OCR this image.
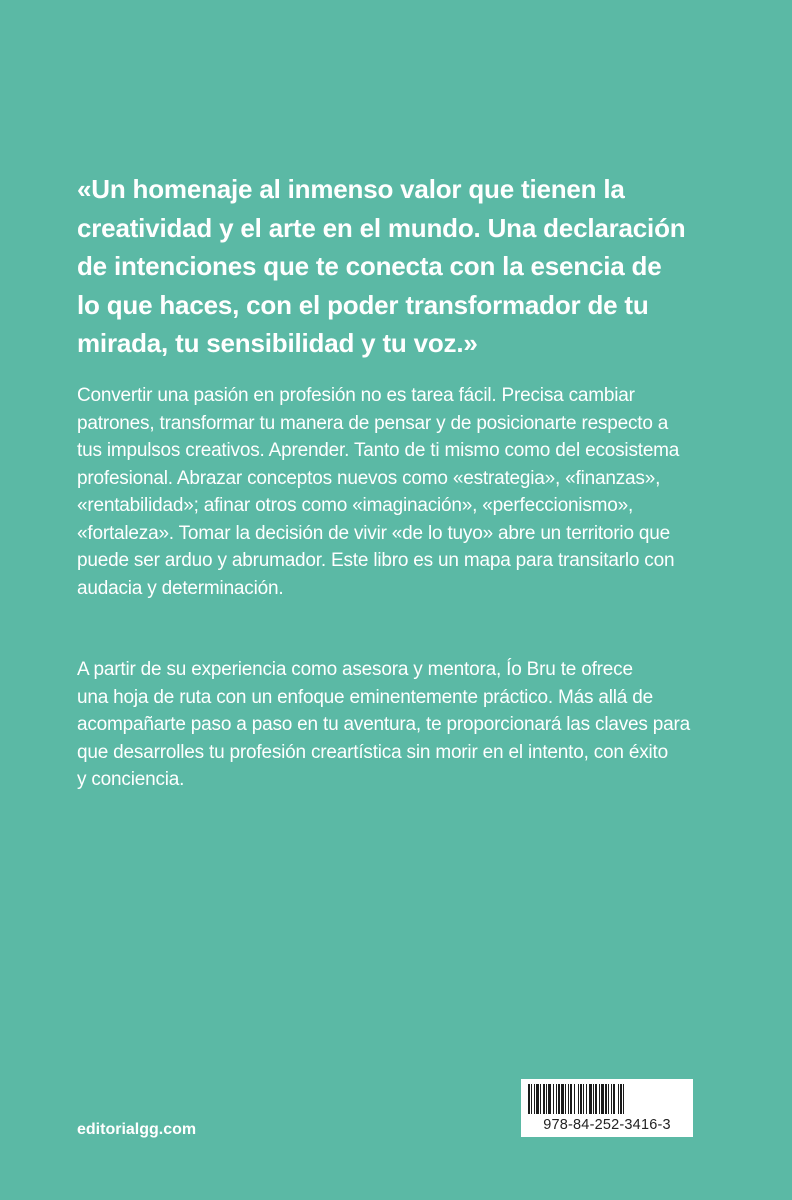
«Un homenaje al inmenso valor que tienen la
creatividad y el arte en el mundo. Una declaración
de intenciones que te conecta con la esencia de
lo que haces, con el poder transformador de tu
mirada, tu sensibilidad y tu voz.»

Convertir una pasión en profesión no es tarea fácil. Precisa cambiar
patrones, transformar tu manera de pensar y de posicionarte respecto a
tus impulsos creativos. Aprender. Tanto de ti mismo como del ecosistema
profesional. Abrazar conceptos nuevos como «estrategia», «finanzas»,
«rentabilidad»; afinar otros como «imaginación», «perfeccionismo»,
«fortaleza». Tomar la decisión de vivir «de lo tuyo» abre un territorio que
puede ser arduo y abrumador. Este libro es un mapa para transitarlo con
audacia y determinación.

A partir de su experiencia como asesora y mentora, Ío Bru te ofrece
una hoja de ruta con un enfoque eminentemente práctico. Más allá de
acompañarte paso a paso en tu aventura, te proporcionará las claves para
que desarrolles tu profesión creartística sin morir en el intento, con éxito
y conciencia.

editorialgg.com	978-84-252-3416-3
